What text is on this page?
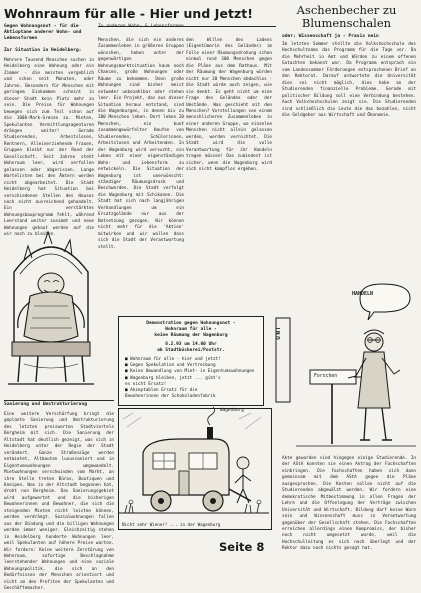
Wohnraum für alle - Hier und Jetzt!
Gegen Wohnungsnot - für die Aktioptane anderer Wohn- und Lebensformen
Zur Situation in Heidelberg:
Mehrere Tausend Menschen suchen in Heidelberg eine Wohnung oder ein Zimmer - die meisten vergeblich und schon seit Monaten, oder Jahren. Besonders für Menschen mit geringem Einkommen scheint in dieser Stadt kein Platz mehr zu sein. Die Preise für Wohnungen bewegen sich zum Teil schon auf die 1000-Mark-Grenze zu. Mieten, Spekulanten Vermittlungsagenturen drängen weiter! Gerade Studierenden, Arbeitslosen, Rentnern, Alleinerziehende Frauen, Gruppen bleibt nur der Rand der Gesellschaft. Seit Jahren steht Wohnraum leer, wird verfallen gelassen oder abgerissen. Lange Wartelisten bei den Ämtern werden nicht abgearbeitet. Die Stadt Heidelberg hat Situation bei verschiedenen Stellen des Hauses noch nicht ausreichend gehandelt. Ein verstärktes Wohnungsbauprogramm fehlt, während Leerstand weiter zunimmt und neue Wohnungen gebaut werden auf die wir noch zu bleiben.
Zu anderen Wohn- & Lebensformen
Menschen, die sich ein anderes Zusammenleben in größeren Gruppen wünschen, haben unter der gegenwärtigen Wohnungsmarktsituation kaum noch Chancen, große Wohnungen oder Räume zu bekommen. Denn große Wohnungen sind bisher meist entweder unbezahlbar oder stehen leer. Ein Projekt, das aus dieser Situation heraus entstand, sind die Wagenburgen, in denen bis zu 200 Menschen leben. Dort leben 20 Menschen, ein bunt zusammengewürfelter Haufen von Studierenden, Schülerinnen, Arbeitslosen und Arbeitenden. In der Wagenburg wird versucht, ein Leben mit einer eigenständigen Wohn- und Lebensform zu entwickeln. Die Situation der Wagenburg ist unerwünscht: ständiger Räumungsdruck und Beschwerden. Die Stadt verfolgt die Wagenburg mit Schikanen. Die Stadt hat sich nach langjährigen Verhandlungen um ein Ersatzgelände nur aus der Notsetzung gezogen. Wir können nicht mehr für die 'Aktion' mitwirken und wir wollen dass sich die Stadt der Verantwortung stellt.
den Willen des Ladens (Eigentümerin des Geländes) im Falle einer Räumungsdrohung schon einmal rund 300 Menschen gegen die Pläne aus dem Rathaus. Mit der Räumung der Wagenburg würden nicht nur 20 Menschen obdachlos - die Stadt würde auch zeigen, wie sie denkt. Es geht nicht um eine Frage des Geländes oder der Umstände. Was geschieht mit den Menschen? Vorstellungen von einem menschlicheren Zusammenleben in einer anderen Gruppe, wo einzelne Menschen nicht allein gelassen werden, werden vernichtet. Die Stadt wird die volle Verantwortung für ihr Handeln tragen müssen! Das zumindest ist sicher, wenn die Wagenburg wird sich nicht kampflos ergeben.
Demonstration gegen Wohnungsnot -
Wohnraum für alle -
keine Räumung der Wagenburg
6.2.93 um 14.00 Uhr
ab Stadtbücherei/Poststr.
■ Wohnraum für alle - hier und jetzt!
■ Gegen Spekulation und Vertreibung
■ Keine Umwandlung von Miet- in Eigentumswohnungen
■ Wagenburg bleiben, jetzt ... gibt's
es nicht Ersatz!
■ Akzeptablen Ersatz für die
Bewohnerinnen der Schokoladenfabrik
Sanierung und Umstrukturierung
Eine weitere Verschärfung bringt die geplante Sanierung und Umstrukturierung des letzten preiswerten Stadtviertels Bergheim mit sich. Die Sanierung der Altstadt hat deutlich gezeigt, was sich in Heidelberg unter der Regie der Stadt verändert. Ganze Straßenzüge werden entmietet, Altbauten luxussaniert und in Eigentumswohnungen umgewandelt. Mietwohnungen verschwinden vom Markt, an ihre Stelle treten Büros, Boutiquen und Kneipen. Was in der Altstadt begonnen hat, droht nun Bergheim. Das Sanierungsgebiet wird aufgewertet und die bisherigen Bewohnerinnen und Bewohner, die sich die steigenden Mieten nicht leisten können, werden verdrängt. Sozialwohnungen fallen aus der Bindung und die billigen Wohnungen werden immer weniger. Gleichzeitig stehen in Heidelberg hunderte Wohnungen leer, weil Spekulanten auf höhere Preise warten. Wir fordern: Keine weitere Zerstörung von Wohnraum, sofortige Beschlagnahme leerstehender Wohnungen und eine soziale Wohnungspolitik, die sich an den Bedürfnissen der Menschen orientiert und nicht an den Profiten der Spekulanten und Geschäftemacher.
Wagenburg
Nicht sehr Wiener! ... in der Wagenburg
Seite 8
Aschenbecher zu
Blumenschalen
oder: Wissenschaft ja - Praxis nein
Im letzten Sommer stellte die Volkshochschule des Hochschulteams das Programm für die Tage vor. Da die Mehrheit in Amt und Würden zu einem offenen Gutachten bekannt war. Da Programm entsprach ein vom Landessommer Förderungen entsprochenen Brief an den Rektorat. Darauf antwortete die Universität dies sei nicht möglich, dies habe an der Studierenden finanzielle Probleme. Gerade mit politischer Bildung soll eine Verbindung bestehen. Auch Volkshochschulen zeigt sie. Die Studierenden sind schließlich die Leute die das bezahlen, nicht die Geldgeber aus Wirtschaft und Ökonomie.
HANDELN
Forschen
UNI
Akte geworden sind hingegen einige Studierende. In der AStA konnten sie einen Antrag der Fachschaften einbringen. Die Fachschaften haben sich dann gemeinsam mit dem AStA gegen die Pläne ausgesprochen. Die Kosten sollen nicht auf die Studierenden abgewälzt werden. Wir fordern eine demokratische Mitbestimmung in allen Fragen der Lehre und die Offenlegung der Verträge zwischen Universität und Wirtschaft. Bildung darf keine Ware sein und Wissenschaft muss in Verantwortung gegenüber der Gesellschaft stehen. Die Fachschaften erreichen allerdings einen Kompromiss, der bisher noch nicht umgesetzt wurde, weil die Hochschulleitung es sich noch überlegt und der Rektor dazu noch nichts gesagt hat.
